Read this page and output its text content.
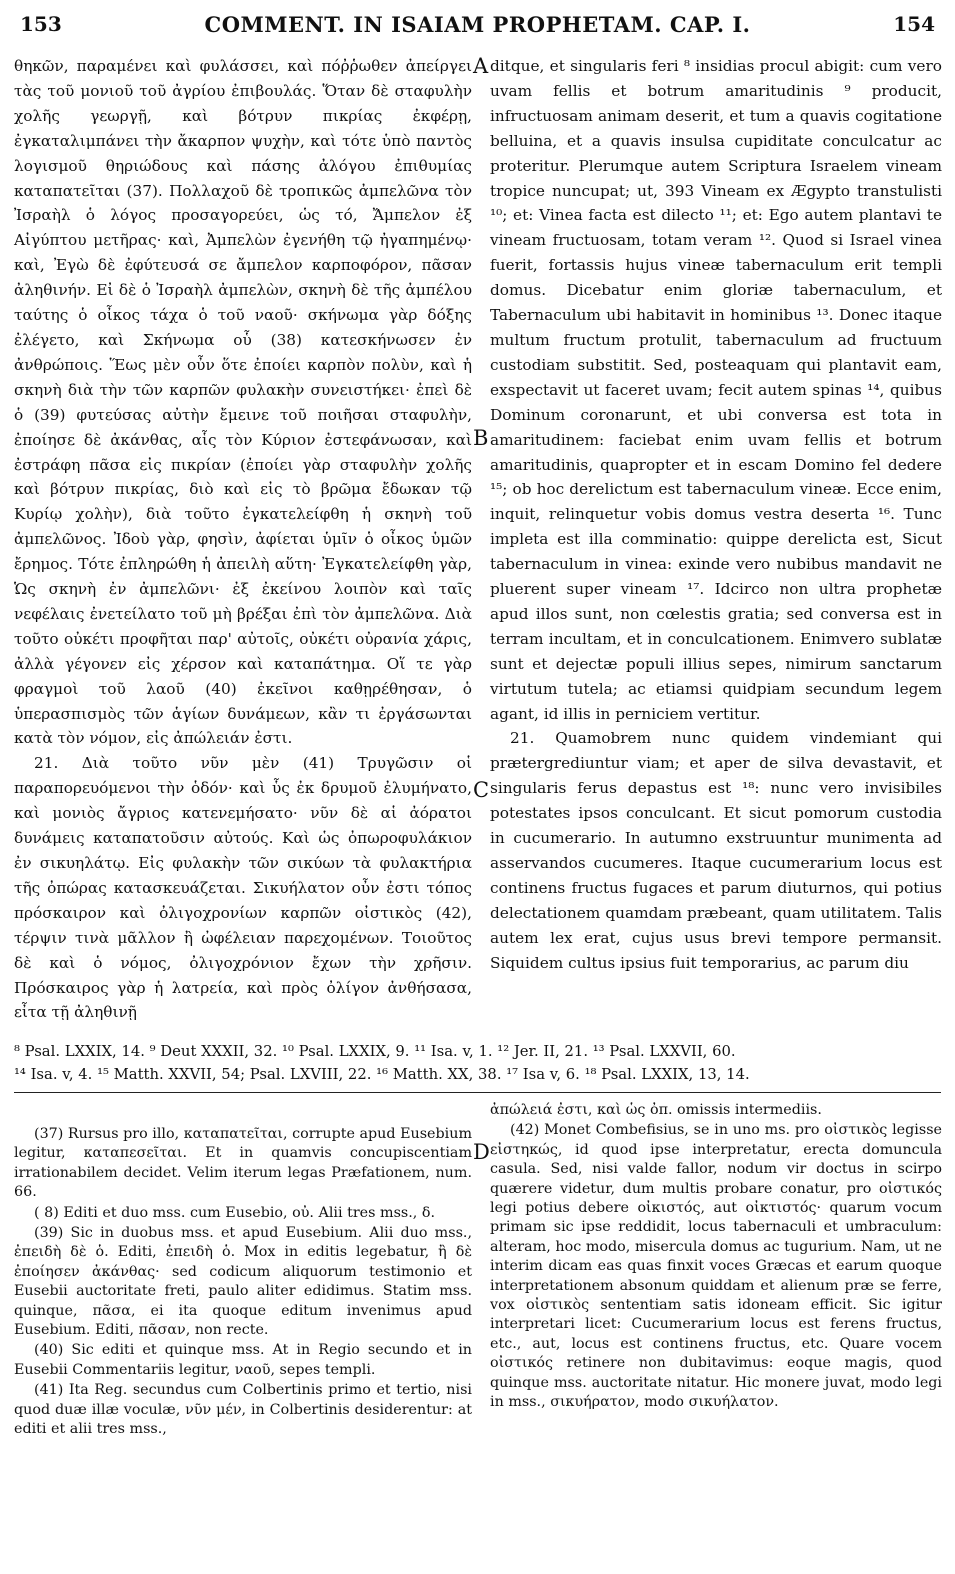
153	COMMENT. IN ISAIAM PROPHETAM. CAP. I.	154

θηκῶν, παραμένει καὶ φυλάσσει, καὶ πόῤῥωθεν ἀπείργει τὰς τοῦ μονιοῦ τοῦ ἀγρίου ἐπιβουλάς. Ὅταν δὲ σταφυλὴν χολῆς γεωργῇ, καὶ βότρυν πικρίας ἐκφέρῃ, ἐγκαταλιμπάνει τὴν ἄκαρπον ψυχὴν, καὶ τότε ὑπὸ παντὸς λογισμοῦ θηριώδους καὶ πάσης ἀλόγου ἐπιθυμίας καταπατεῖται (37). Πολλαχοῦ δὲ τροπικῶς ἀμπελῶνα τὸν Ἰσραὴλ ὁ λόγος προσαγορεύει, ὡς τό, Ἄμπελον ἐξ Αἰγύπτου μετῆρας· καὶ, Ἀμπελὼν ἐγενήθη τῷ ἠγαπημένῳ· καὶ, Ἐγὼ δὲ ἐφύτευσά σε ἄμπελον καρποφόρον, πᾶσαν ἀληθινήν. Εἰ δὲ ὁ Ἰσραὴλ ἀμπελὼν, σκηνὴ δὲ τῆς ἀμπέλου ταύτης ὁ οἶκος τάχα ὁ τοῦ ναοῦ· σκήνωμα γὰρ δόξης ἐλέγετο, καὶ Σκήνωμα οὗ (38) κατεσκήνωσεν ἐν ἀνθρώποις. Ἕως μὲν οὖν ὅτε ἐποίει καρπὸν πολὺν, καὶ ἡ σκηνὴ διὰ τὴν τῶν καρπῶν φυλακὴν συνειστήκει· ἐπεὶ δὲ ὁ (39) φυτεύσας αὐτὴν ἔμεινε τοῦ ποιῆσαι σταφυλὴν, ἐποίησε δὲ ἀκάνθας, αἷς τὸν Κύριον ἐστεφάνωσαν, καὶ ἐστράφη πᾶσα εἰς πικρίαν (ἐποίει γὰρ σταφυλὴν χολῆς καὶ βότρυν πικρίας, διὸ καὶ εἰς τὸ βρῶμα ἔδωκαν τῷ Κυρίῳ χολὴν), διὰ τοῦτο ἐγκατελείφθη ἡ σκηνὴ τοῦ ἀμπελῶνος. Ἰδοὺ γὰρ, φησὶν, ἀφίεται ὑμῖν ὁ οἶκος ὑμῶν ἔρημος. Τότε ἐπληρώθη ἡ ἀπειλὴ αὕτη· Ἐγκατελείφθη γὰρ, Ὡς σκηνὴ ἐν ἀμπελῶνι· ἐξ ἐκείνου λοιπὸν καὶ ταῖς νεφέλαις ἐνετείλατο τοῦ μὴ βρέξαι ἐπὶ τὸν ἀμπελῶνα. Διὰ τοῦτο οὐκέτι προφῆται παρ' αὐτοῖς, οὐκέτι οὐρανία χάρις, ἀλλὰ γέγονεν εἰς χέρσον καὶ καταπάτημα. Οἵ τε γὰρ φραγμοὶ τοῦ λαοῦ (40) ἐκεῖνοι καθῃρέθησαν, ὁ ὑπερασπισμὸς τῶν ἁγίων δυνάμεων, κἂν τι ἐργάσωνται κατὰ τὸν νόμον, εἰς ἀπώλειάν ἐστι.

21. Διὰ τοῦτο νῦν μὲν (41) Τρυγῶσιν οἱ παραπορευόμενοι τὴν ὁδόν· καὶ ὗς ἐκ δρυμοῦ ἐλυμήνατο, καὶ μονιὸς ἄγριος κατενεμήσατο· νῦν δὲ αἱ ἀόρατοι δυνάμεις καταπατοῦσιν αὐτούς. Καὶ ὡς ὀπωροφυλάκιον ἐν σικυηλάτῳ. Εἰς φυλακὴν τῶν σικύων τὰ φυλακτήρια τῆς ὀπώρας κατασκευάζεται. Σικυήλατον οὖν ἐστι τόπος πρόσκαιρον καὶ ὀλιγοχρονίων καρπῶν οἰστικὸς (42), τέρψιν τινὰ μᾶλλον ἢ ὠφέλειαν παρεχομένων. Τοιοῦτος δὲ καὶ ὁ νόμος, ὀλιγοχρόνιον ἔχων τὴν χρῆσιν. Πρόσκαιρος γὰρ ἡ λατρεία, καὶ πρὸς ὀλίγον ἀνθήσασα, εἶτα τῇ ἀληθινῇ

A
B
C
D

ditque, et singularis feri ⁸ insidias procul abigit: cum vero uvam fellis et botrum amaritudinis ⁹ producit, infructuosam animam deserit, et tum a quavis cogitatione belluina, et a quavis insulsa cupiditate conculcatur ac proteritur. Plerumque autem Scriptura Israelem vineam tropice nuncupat; ut, 393 Vineam ex Ægypto transtulisti ¹⁰; et: Vinea facta est dilecto ¹¹; et: Ego autem plantavi te vineam fructuosam, totam veram ¹². Quod si Israel vinea fuerit, fortassis hujus vineæ tabernaculum erit templi domus. Dicebatur enim gloriæ tabernaculum, et Tabernaculum ubi habitavit in hominibus ¹³. Donec itaque multum fructum protulit, tabernaculum ad fructuum custodiam substitit. Sed, posteaquam qui plantavit eam, exspectavit ut faceret uvam; fecit autem spinas ¹⁴, quibus Dominum coronarunt, et ubi conversa est tota in amaritudinem: faciebat enim uvam fellis et botrum amaritudinis, quapropter et in escam Domino fel dedere ¹⁵; ob hoc derelictum est tabernaculum vineæ. Ecce enim, inquit, relinquetur vobis domus vestra deserta ¹⁶. Tunc impleta est illa comminatio: quippe derelicta est, Sicut tabernaculum in vinea: exinde vero nubibus mandavit ne pluerent super vineam ¹⁷. Idcirco non ultra prophetæ apud illos sunt, non cœlestis gratia; sed conversa est in terram incultam, et in conculcationem. Enimvero sublatæ sunt et dejectæ populi illius sepes, nimirum sanctarum virtutum tutela; ac etiamsi quidpiam secundum legem agant, id illis in perniciem vertitur.

21. Quamobrem nunc quidem vindemiant qui prætergrediuntur viam; et aper de silva devastavit, et singularis ferus depastus est ¹⁸: nunc vero invisibiles potestates ipsos conculcant. Et sicut pomorum custodia in cucumerario. In autumno exstruuntur munimenta ad asservandos cucumeres. Itaque cucumerarium locus est continens fructus fugaces et parum diuturnos, qui potius delectationem quamdam præbeant, quam utilitatem. Talis autem lex erat, cujus usus brevi tempore permansit. Siquidem cultus ipsius fuit temporarius, ac parum diu

⁸ Psal. LXXIX, 14. ⁹ Deut XXXII, 32. ¹⁰ Psal. LXXIX, 9. ¹¹ Isa. v, 1. ¹² Jer. II, 21. ¹³ Psal. LXXVII, 60.
¹⁴ Isa. v, 4. ¹⁵ Matth. XXVII, 54; Psal. LXVIII, 22. ¹⁶ Matth. XX, 38. ¹⁷ Isa v, 6. ¹⁸ Psal. LXXIX, 13, 14.

(37) Rursus pro illo, καταπατεῖται, corrupte apud Eusebium legitur, καταπεσεῖται. Et in quamvis concupiscentiam irrationabilem decidet. Velim iterum legas Præfationem, num. 66.

( 8) Editi et duo mss. cum Eusebio, οὐ. Alii tres mss., δ.

(39) Sic in duobus mss. et apud Eusebium. Alii duo mss., ἐπειδὴ δὲ ὁ. Editi, ἐπειδὴ ὁ. Mox in editis legebatur, ἢ δὲ ἐποίησεν ἀκάνθας· sed codicum aliquorum testimonio et Eusebii auctoritate freti, paulo aliter edidimus. Statim mss. quinque, πᾶσα, ei ita quoque editum invenimus apud Eusebium. Editi, πᾶσαν, non recte.

(40) Sic editi et quinque mss. At in Regio secundo et in Eusebii Commentariis legitur, ναοῦ, sepes templi.

(41) Ita Reg. secundus cum Colbertinis primo et tertio, nisi quod duæ illæ voculæ, νῦν μέν, in Colbertinis desiderentur: at editi et alii tres mss.,

ἀπώλειά ἐστι, καὶ ὡς ὀπ. omissis intermediis.

(42) Monet Combefisius, se in uno ms. pro οἰστικὸς legisse εἰστηκώς, id quod ipse interpretatur, erecta domuncula casula. Sed, nisi valde fallor, nodum vir doctus in scirpo quærere videtur, dum multis probare conatur, pro οἰστικός legi potius debere οἰκιστός, aut οἰκτιστός· quarum vocum primam sic ipse reddidit, locus tabernaculi et umbraculum: alteram, hoc modo, misercula domus ac tugurium. Nam, ut ne interim dicam eas quas finxit voces Græcas et earum quoque interpretationem absonum quiddam et alienum præ se ferre, vox οἰστικὸς sententiam satis idoneam efficit. Sic igitur interpretari licet: Cucumerarium locus est ferens fructus, etc., aut, locus est continens fructus, etc. Quare vocem οἰστικός retinere non dubitavimus: eoque magis, quod quinque mss. auctoritate nitatur. Hic monere juvat, modo legi in mss., σικυήρατον, modo σικυήλατον.
